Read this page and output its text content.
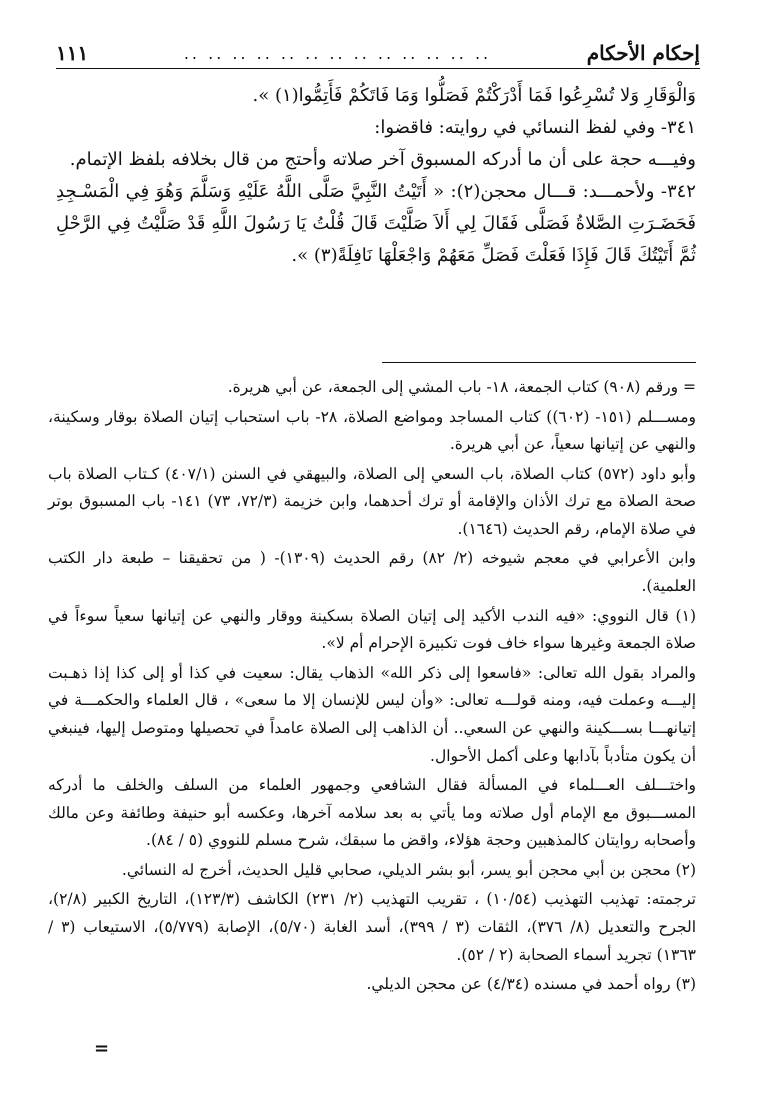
إحكام الأحكام
.. .. .. .. .. .. .. .. .. .. .. .. ..
١١١

وَالْوَقَارِ وَلا تُسْرِعُوا فَمَا أَدْرَكْتُمْ فَصَلُّوا وَمَا فَاتَكُمْ فَأَتِمُّوا(١) ».

٣٤١- وفي لفظ النسائي في روايته: فاقضوا:

وفيـــه حجة على أن ما أدركه المسبوق آخر صلاته وأحتج من قال بخلافه بلفظ الإتمام.

٣٤٢- ولأحمـــد: قـــال محجن(٢): « أَتَيْتُ النَّبِيَّ صَلَّى اللَّهُ عَلَيْهِ وَسَلَّمَ وَهُوَ فِي الْمَسْـجِدِ فَحَضَـرَتِ الصَّلاةُ فَصَلَّى فَقَالَ لِي أَلاَ صَلَّيْتَ قَالَ قُلْتُ يَا رَسُولَ اللَّهِ قَدْ صَلَّيْتُ فِي الرَّحْلِ ثُمَّ أَتَيْتُكَ قَالَ فَإِذَا فَعَلْتَ فَصَلِّ مَعَهُمْ وَاجْعَلْهَا نَافِلَةً(٣) ».

= ورقم (٩٠٨) كتاب الجمعة، ١٨- باب المشي إلى الجمعة، عن أبي هريرة.

ومســـلم (١٥١- (٦٠٢)) كتاب المساجد ومواضع الصلاة، ٢٨- باب استحباب إتيان الصلاة بوقار وسكينة، والنهي عن إتيانها سعياً، عن أبي هريرة.

وأبو داود (٥٧٢) كتاب الصلاة، باب السعي إلى الصلاة، والبيهقي في السنن (٤٠٧/١) كـتاب الصلاة باب صحة الصلاة مع ترك الأذان والإقامة أو ترك أحدهما، وابن خزيمة (٧٢/٣، ٧٣) ١٤١- باب المسبوق بوتر في صلاة الإمام، رقم الحديث (١٦٤٦).

وابن الأعرابي في معجم شيوخه (٢/ ٨٢) رقم الحديث (١٣٠٩)- ( من تحقيقنا – طبعة دار الكتب العلمية).

(١) قال النووي: «فيه الندب الأكيد إلى إتيان الصلاة بسكينة ووقار والنهي عن إتيانها سعياً سوءاً في صلاة الجمعة وغيرها سواء خاف فوت تكبيرة الإحرام أم لا».

والمراد بقول الله تعالى: «فاسعوا إلى ذكر الله» الذهاب يقال: سعيت في كذا أو إلى كذا إذا ذهـبت إليـــه وعملت فيه، ومنه قولـــه تعالى: «وأن ليس للإنسان إلا ما سعى» ، قال العلماء والحكمـــة في إتيانهـــا بســـكينة والنهي عن السعي.. أن الذاهب إلى الصلاة عامداً في تحصيلها ومتوصل إليها، فينبغي أن يكون متأدباً بآدابها وعلى أكمل الأحوال.

واختـــلف العـــلماء في المسألة فقال الشافعي وجمهور العلماء من السلف والخلف ما أدركه المســـبوق مع الإمام أول صلاته وما يأتي به بعد سلامه آخرها، وعكسه أبو حنيفة وطائفة وعن مالك وأصحابه روايتان كالمذهبين وحجة هؤلاء، واقض ما سبقك، شرح مسلم للنووي (٥ / ٨٤).

(٢) محجن بن أبي محجن أبو يسر، أبو بشر الديلي، صحابي قليل الحديث، أخرج له النسائي.

ترجمته: تهذيب التهذيب (١٠/٥٤) ، تقريب التهذيب (٢/ ٢٣١) الكاشف (١٢٣/٣)، التاريخ الكبير (٢/٨)، الجرح والتعديل (٨/ ٣٧٦)، الثقات (٣ / ٣٩٩)، أسد الغابة (٥/٧٠)، الإصابة (٥/٧٧٩)، الاستيعاب (٣ / ١٣٦٣) تجريد أسماء الصحابة (٢ / ٥٢).

(٣) رواه أحمد في مسنده (٤/٣٤) عن محجن الديلي.

=
